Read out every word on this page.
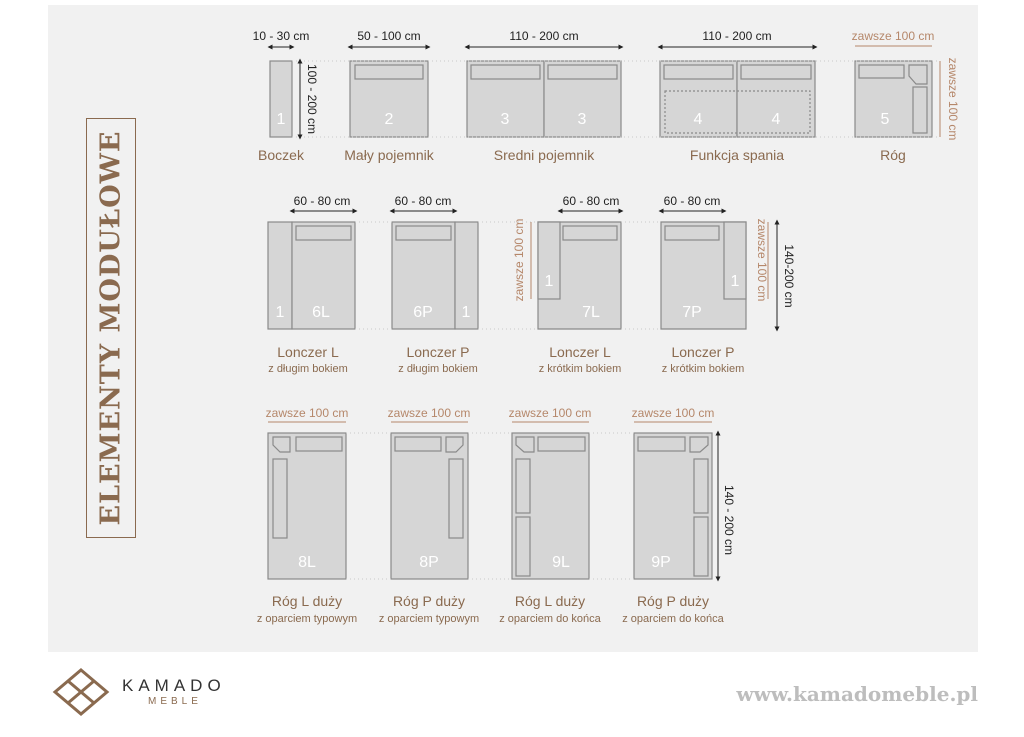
ELEMENTY MODUŁOWE
10 - 30 cm	50 - 100 cm	110 - 200 cm	110 - 200 cm	zawsze 100 cm
100 - 200 cm	zawsze 100 cm
1	2	3	3	4	4	5
Boczek	Mały pojemnik	Sredni pojemnik	Funkcja spania	Róg
60 - 80 cm	60 - 80 cm	60 - 80 cm	60 - 80 cm
zawsze 100 cm	zawsze 100 cm 140-200 cm
1 6L	6P 1
1
7L	7P
1
Lonczer L	Lonczer P	Lonczer L	Lonczer P
z długim bokiem	z długim bokiem	z krótkim bokiem	z krótkim bokiem
zawsze 100 cm	zawsze 100 cm	zawsze 100 cm	zawsze 100 cm
140 - 200 cm
8L	8P	9L	9P
Róg L duży	Róg P duży	Róg L duży	Róg P duży
z oparciem typowym z oparciem typowym z oparciem do końca z oparciem do końca
KAMADO
MEBLE	www.kamadomeble.pl
